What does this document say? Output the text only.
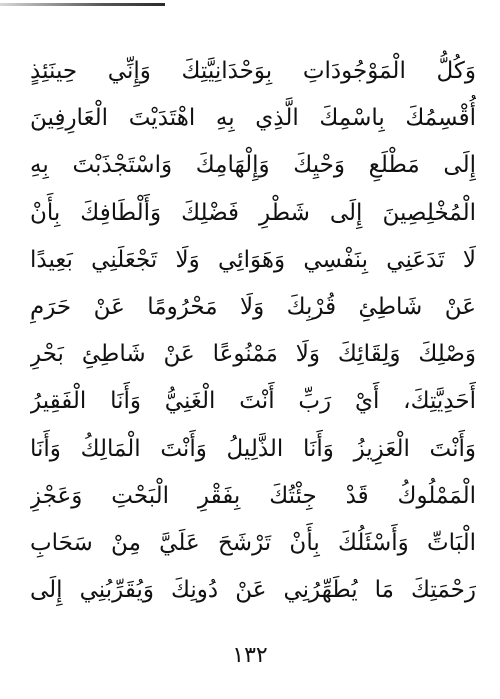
وَكُلُّ الْمَوْجُودَاتِ بِوَحْدَانِيَّتِكَ وَإِنِّي حِينَئِذٍ
أُقْسِمُكَ بِاسْمِكَ الَّذِي بِهِ اهْتَدَيْتَ الْعَارِفِينَ
إِلَى مَطْلَعِ وَحْيِكَ وَإِلْهَامِكَ وَاسْتَجْذَبْتَ بِهِ
الْمُخْلِصِينَ إِلَى شَطْرِ فَضْلِكَ وَأَلْطَافِكَ بِأَنْ
لَا تَدَعَنِي بِنَفْسِي وَهَوَائِي وَلَا تَجْعَلَنِي بَعِيدًا
عَنْ شَاطِئِ قُرْبِكَ وَلَا مَحْرُومًا عَنْ حَرَمِ
وَصْلِكَ وَلِقَائِكَ وَلَا مَمْنُوعًا عَنْ شَاطِئِ بَحْرِ
أَحَدِيَّتِكَ، أَيْ رَبِّ أَنْتَ الْغَنِيُّ وَأَنَا الْفَقِيرُ
وَأَنْتَ الْعَزِيزُ وَأَنَا الذَّلِيلُ وَأَنْتَ الْمَالِكُ وَأَنَا
الْمَمْلُوكُ قَدْ جِئْتُكَ بِفَقْرِ الْبَحْتِ وَعَجْزِ
الْبَاتِّ وَأَسْئَلُكَ بِأَنْ تَرْشَحَ عَلَيَّ مِنْ سَحَابِ
رَحْمَتِكَ مَا يُطَهِّرُنِي عَنْ دُونِكَ وَيُقَرِّبُنِي إِلَى
١٣٢
